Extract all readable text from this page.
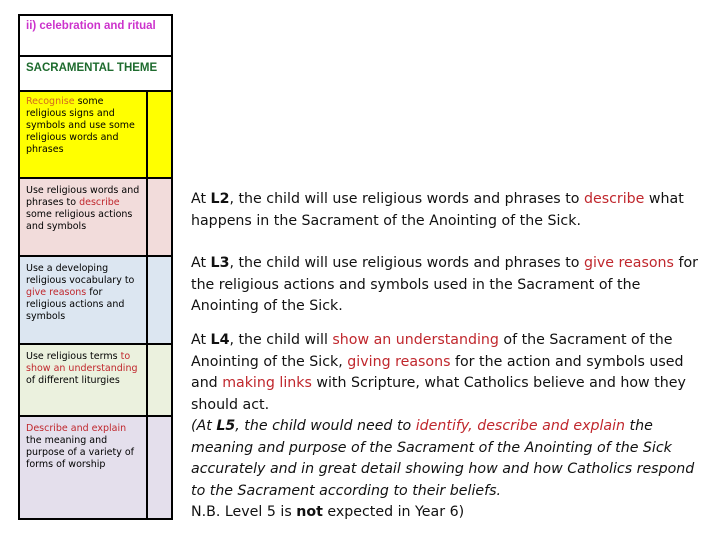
ii) celebration and ritual
SACRAMENTAL THEME
Recognise some religious signs and symbols and use some religious words and phrases
Use religious words and phrases to describe some religious actions and symbols
Use a developing religious vocabulary to give reasons for religious actions and symbols
Use religious terms to show an understanding of different liturgies
Describe and explain the meaning and purpose of a variety of forms of worship
At L2, the child will use religious words and phrases to describe what happens in the Sacrament of the Anointing of the Sick.
At L3, the child will use religious words and phrases to give reasons for the religious actions and symbols used in the Sacrament of the Anointing of the Sick.
At L4, the child will show an understanding of the Sacrament of the Anointing of the Sick, giving reasons for the action and symbols used and making links with Scripture, what Catholics believe and how they should act.
(At L5, the child would need to identify, describe and explain the meaning and purpose of the Sacrament of the Anointing of the Sick accurately and in great detail showing how and how Catholics respond to the Sacrament according to their beliefs.
N.B. Level 5 is not expected in Year 6)
